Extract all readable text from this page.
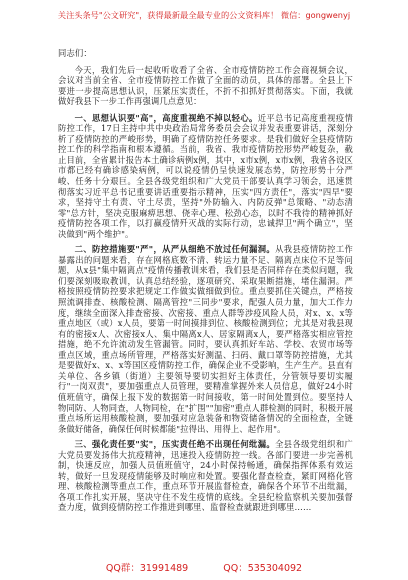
关注头条号"公文研究"，获得最新最全最专业的公文资料库！ 微信：gongwenyj

同志们：

今天，我们先后一起收听收看了全省、全市疫情防控工作会商视频会议，会议对当前全省、全市疫情防控工作做了全面的动员，具体的部署。全县上下要进一步提高思想认识，压紧压实责任，不折不扣抓好贯彻落实。下面，我就做好我县下一步工作再强调几点意见：

一、思想认识要"高"，高度重视绝不掉以轻心。近平总书记高度重视疫情防控工作，17日主持中共中央政治局常务委员会会议并发表重要讲话，深刻分析了疫情防控的严峻形势，明确了疫情防控任务要求。是我们做好全县疫情防控工作的科学指南和根本遵循。当前，我省、我市疫情防控形势严峻复杂，截止目前，全省累计报告本土确诊病例x例，其中，x市x例，x市x例，我省各设区市都已经有确诊感染病例，可以说疫情仍呈快速发展态势，防控形势十分严峻、任务十分艰巨。全县各级党组织和广大党员干部要认真学习领会，迅速贯彻落实习近平总书记重要讲话重要指示精神，压实"四方责任"，落实"四早"要求，坚持守土有责、守土尽责，坚持"外防输入、内防反弹"总策略、"动态清零"总方针，坚决克服麻痹思想、侥幸心理、松劲心态，以时不我待的精神抓好疫情防控各项工作，以打赢疫情歼灭战的实际行动，忠诚捍卫"两个确立"，坚决做到"两个维护"。

二、防控措施要"严"，从严从细绝不放过任何漏洞。从我县疫情防控工作暴露出的问题来看，存在网格底数不清、转运力量不足、隔离点床位不足等问题，从x县"集中隔离点"疫情传播教训来看，我们县是否同样存在类似问题，我们要深刻吸取教训，认真总结经验，逐项研究、采取果断措施，堵住漏洞。严格按照疫情防控要求把规定工作做实做细做到位。重点要抓住关键点，严格按照流调排查、核酸检测、隔离管控"三同步"要求，配强人员力量，加大工作力度，继续全面深入排查密接、次密接、重点人群等涉疫风险人员，对x、x、x等重点地区（或）x人员，要第一时间摸排到位、核酸检测到位；尤其是对我县现有的密接x人、次密接x人、集中隔离x人、居家隔离x人，要严格落实相应管控措施，绝不允许流动发生管漏管。同时，要认真抓好车站、学校、农贸市场等重点区域，重点场所管理，严格落实好测温、扫码、戴口罩等防控措施，尤其是要做好x、x、x等国区疫情防控工作，确保企业不受影响，生产生产。县直有关单位、各乡镇（街道）主要领导要切实担好主体责任，分管领导要切实履行"一岗双责"，要加强重点人员管理，要精准掌握外来人员信息，做好24小时值班值守，确保上报下发的数据第一时间接收，第一时间处置到位。要坚持人物同防、人物同查，人物同检，在"扩围""加密"重点人群检测的同时，积极开展重点场所运用核酸检测，要加强对应急装备和物资储备情况的全面检查，全链条做好储备，确保任何时候都能"拉得出、用得上、起作用"。

三、强化责任要"实"，压实责任绝不出现任何纰漏。全县各级党组织和广大党员要发扬伟大抗疫精神，迅速投入疫情防控一线。各部门要进一步完善机制，快速反应，加强人员值班值守，24小时保持畅通，确保指挥体系有效运转，做好一旦发现疫情能够及时响应和处置。要强化督查检查，紧盯网格化管理、核酸检测等重点工作，重点环节开展监督检查，确保各个环节不出纰漏，各项工作扎实开展，坚决守住不发生疫情的底线。全县纪检监察机关要加强督查力度，做到疫情防控工作推进到哪里、监督检查就跟进到哪里……

QQ群：31991489	QQ：535304092
